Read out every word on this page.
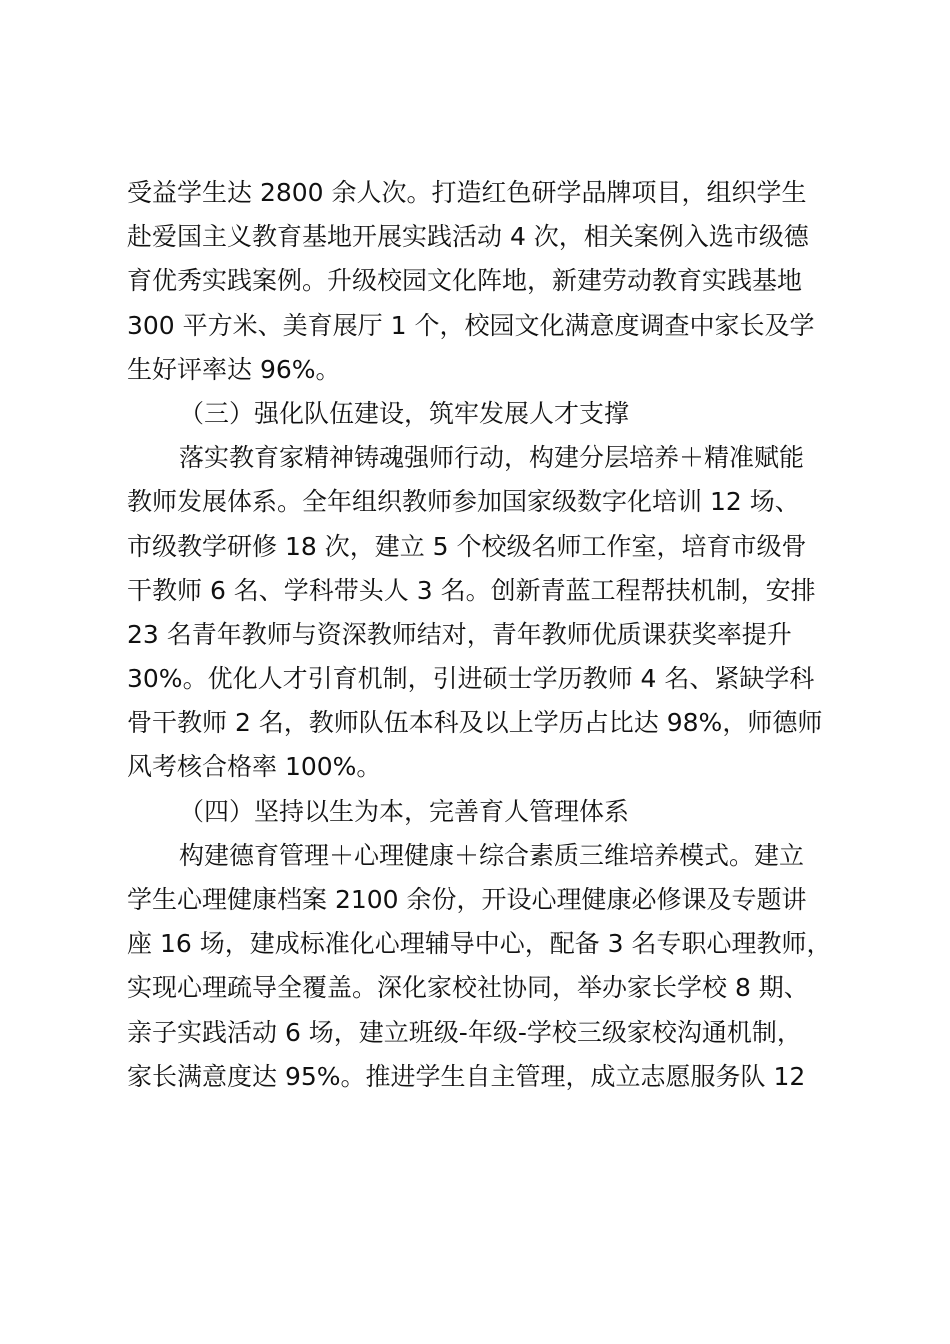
受益学生达 2800 余人次。打造红色研学品牌项目，组织学生
赴爱国主义教育基地开展实践活动 4 次，相关案例入选市级德
育优秀实践案例。升级校园文化阵地，新建劳动教育实践基地
300 平方米、美育展厅 1 个，校园文化满意度调查中家长及学
生好评率达 96%。
（三）强化队伍建设，筑牢发展人才支撑
落实教育家精神铸魂强师行动，构建分层培养＋精准赋能
教师发展体系。全年组织教师参加国家级数字化培训 12 场、
市级教学研修 18 次，建立 5 个校级名师工作室，培育市级骨
干教师 6 名、学科带头人 3 名。创新青蓝工程帮扶机制，安排
23 名青年教师与资深教师结对，青年教师优质课获奖率提升
30%。优化人才引育机制，引进硕士学历教师 4 名、紧缺学科
骨干教师 2 名，教师队伍本科及以上学历占比达 98%，师德师
风考核合格率 100%。
（四）坚持以生为本，完善育人管理体系
构建德育管理＋心理健康＋综合素质三维培养模式。建立
学生心理健康档案 2100 余份，开设心理健康必修课及专题讲
座 16 场，建成标准化心理辅导中心，配备 3 名专职心理教师，
实现心理疏导全覆盖。深化家校社协同，举办家长学校 8 期、
亲子实践活动 6 场，建立班级-年级-学校三级家校沟通机制，
家长满意度达 95%。推进学生自主管理，成立志愿服务队 12
